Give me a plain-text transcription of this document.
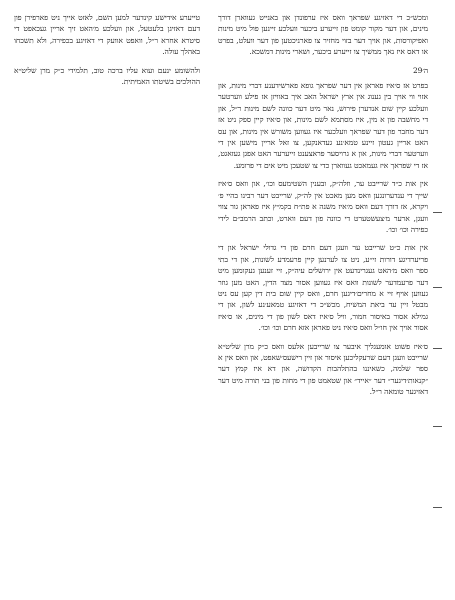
ומכש״כ די דאזיגע שפראך וואס איז ערפונדן און באנייט געווארן דורך מינים, און דער מקור קומט פון זייערע ביכער וועלכע זיינען פול מיט מינות ואפיקורסות, און אויך דער בזוי מחזיר צו פארניכטען פון דער וועלט, בפרט או דאס איז נאך ממשיך צו זייערע ביכער, ושארי מינות דמשכא.

ה׳29

בפרט אז ס׳איז פאראן אין דער שפראך גופא פארשידענע דברי מינות, און אזוי ווי אויך בין גענוג אין ארץ ישראל האב איך באוויזן אז פילע ווערטער וועלכע קיין שום אנדערן פירוש, נאר מיט דער כוונה לשם מינות ר״ל, און די מחשבה פון א מין, איז מסתמא לשם מינות, און ס׳איז קיין ספק ניט אז דער מחבר פון דער שפראך וועלכער איז געווען משורש אין מינות, און עס האט אריין געטון זיינע טמא׳נע געדאנקען, צו זאל אריין מישען אין די ווערטער דברי מינות, און א גרויסער פראצענט זייערער האט אפגן געזאגט, אז די שפראך איז געמאכט געווארן כדי צו שטעכן מיט אים די פרומע.

אין אות כ״ד שרייבט ער, וזלה״ק, ובענין השטימעס וכו׳, און וואס ס׳איז שייך די ענדערונגען וואס מען מאכט אין לה״ק, שרייבט דער רבינו בהיי פ׳ ויקרא, אז דורך דעם וואס מ׳איז משנה א פת״ח בקמ״ץ איז פאראן גור צווי וועגן, ארער מ׳צעשטערט די כוונה פון דעם ווארט, וכתב הרמב״ם לידי כפירה וכו׳ וכו׳.

אין אות כ״ט שרייבט ער וועגן דעם חרם פון די גדולי ישראל און די פריערדיגע דורות זי״ע, ניט צו לערנען קיין פרעמדע לשונות, און די בתי ספר וואס מ׳האט געגרינדעט אין ירושלים עיה״ק, זיי זענען געקומען מיט דער פרעמדער לשונות וואס איז געווען אסור מצד הדין, האט מען גוזר געווען אויף זיי א מחרים׳דיגען חרם, וואס קיין שום בית דין קען עס ניט מבטל זיין עד ביאת המשיח, מכש״כ די דאזיגע טמאע׳נע לשון, און די גמילא אסור באיסור חמור, וויל ס׳איז דאס לשון פון די מינים, או ס׳איז אסור אויך אין חו״ל וואס ס׳איז ניט פאראן אזא חרם וכו׳ וכו׳.

ס׳איז פשוט אומעגליך איבער צו שרייבען אלעס וואס כ״ק מרן שליט״א שרייבט וועגן דעם שרעקליכען איסור און זיין רישעס׳שאפט, און וואס אין א ספר שלמה, כשאיננו בהתלהבות הקדושה, און דא איז קמץ דער ״קנאות׳דיגער״ דער ״אייד״ און שטאמט פון די מחות פון בני תורה מיט דער דאזיגער טומאה ר״ל.

טייערע אידישע קינדער למען השם, לאזט אייך ניט פארפירן פון דעם דאזיגן בלעטעל, און וועלכע מ׳האט זיך אריין געכאפט די סיטרא אחרא ר״ל, וואפט אוועק די דאזיגע בכפירה, ולא תשכחו באהלך עולה.

ולהשומע ינעם ועוא עליו ברכה טוב, תלמידי כ״ק מרן שליט״א ההולכים בשיטתו האמיתית.
